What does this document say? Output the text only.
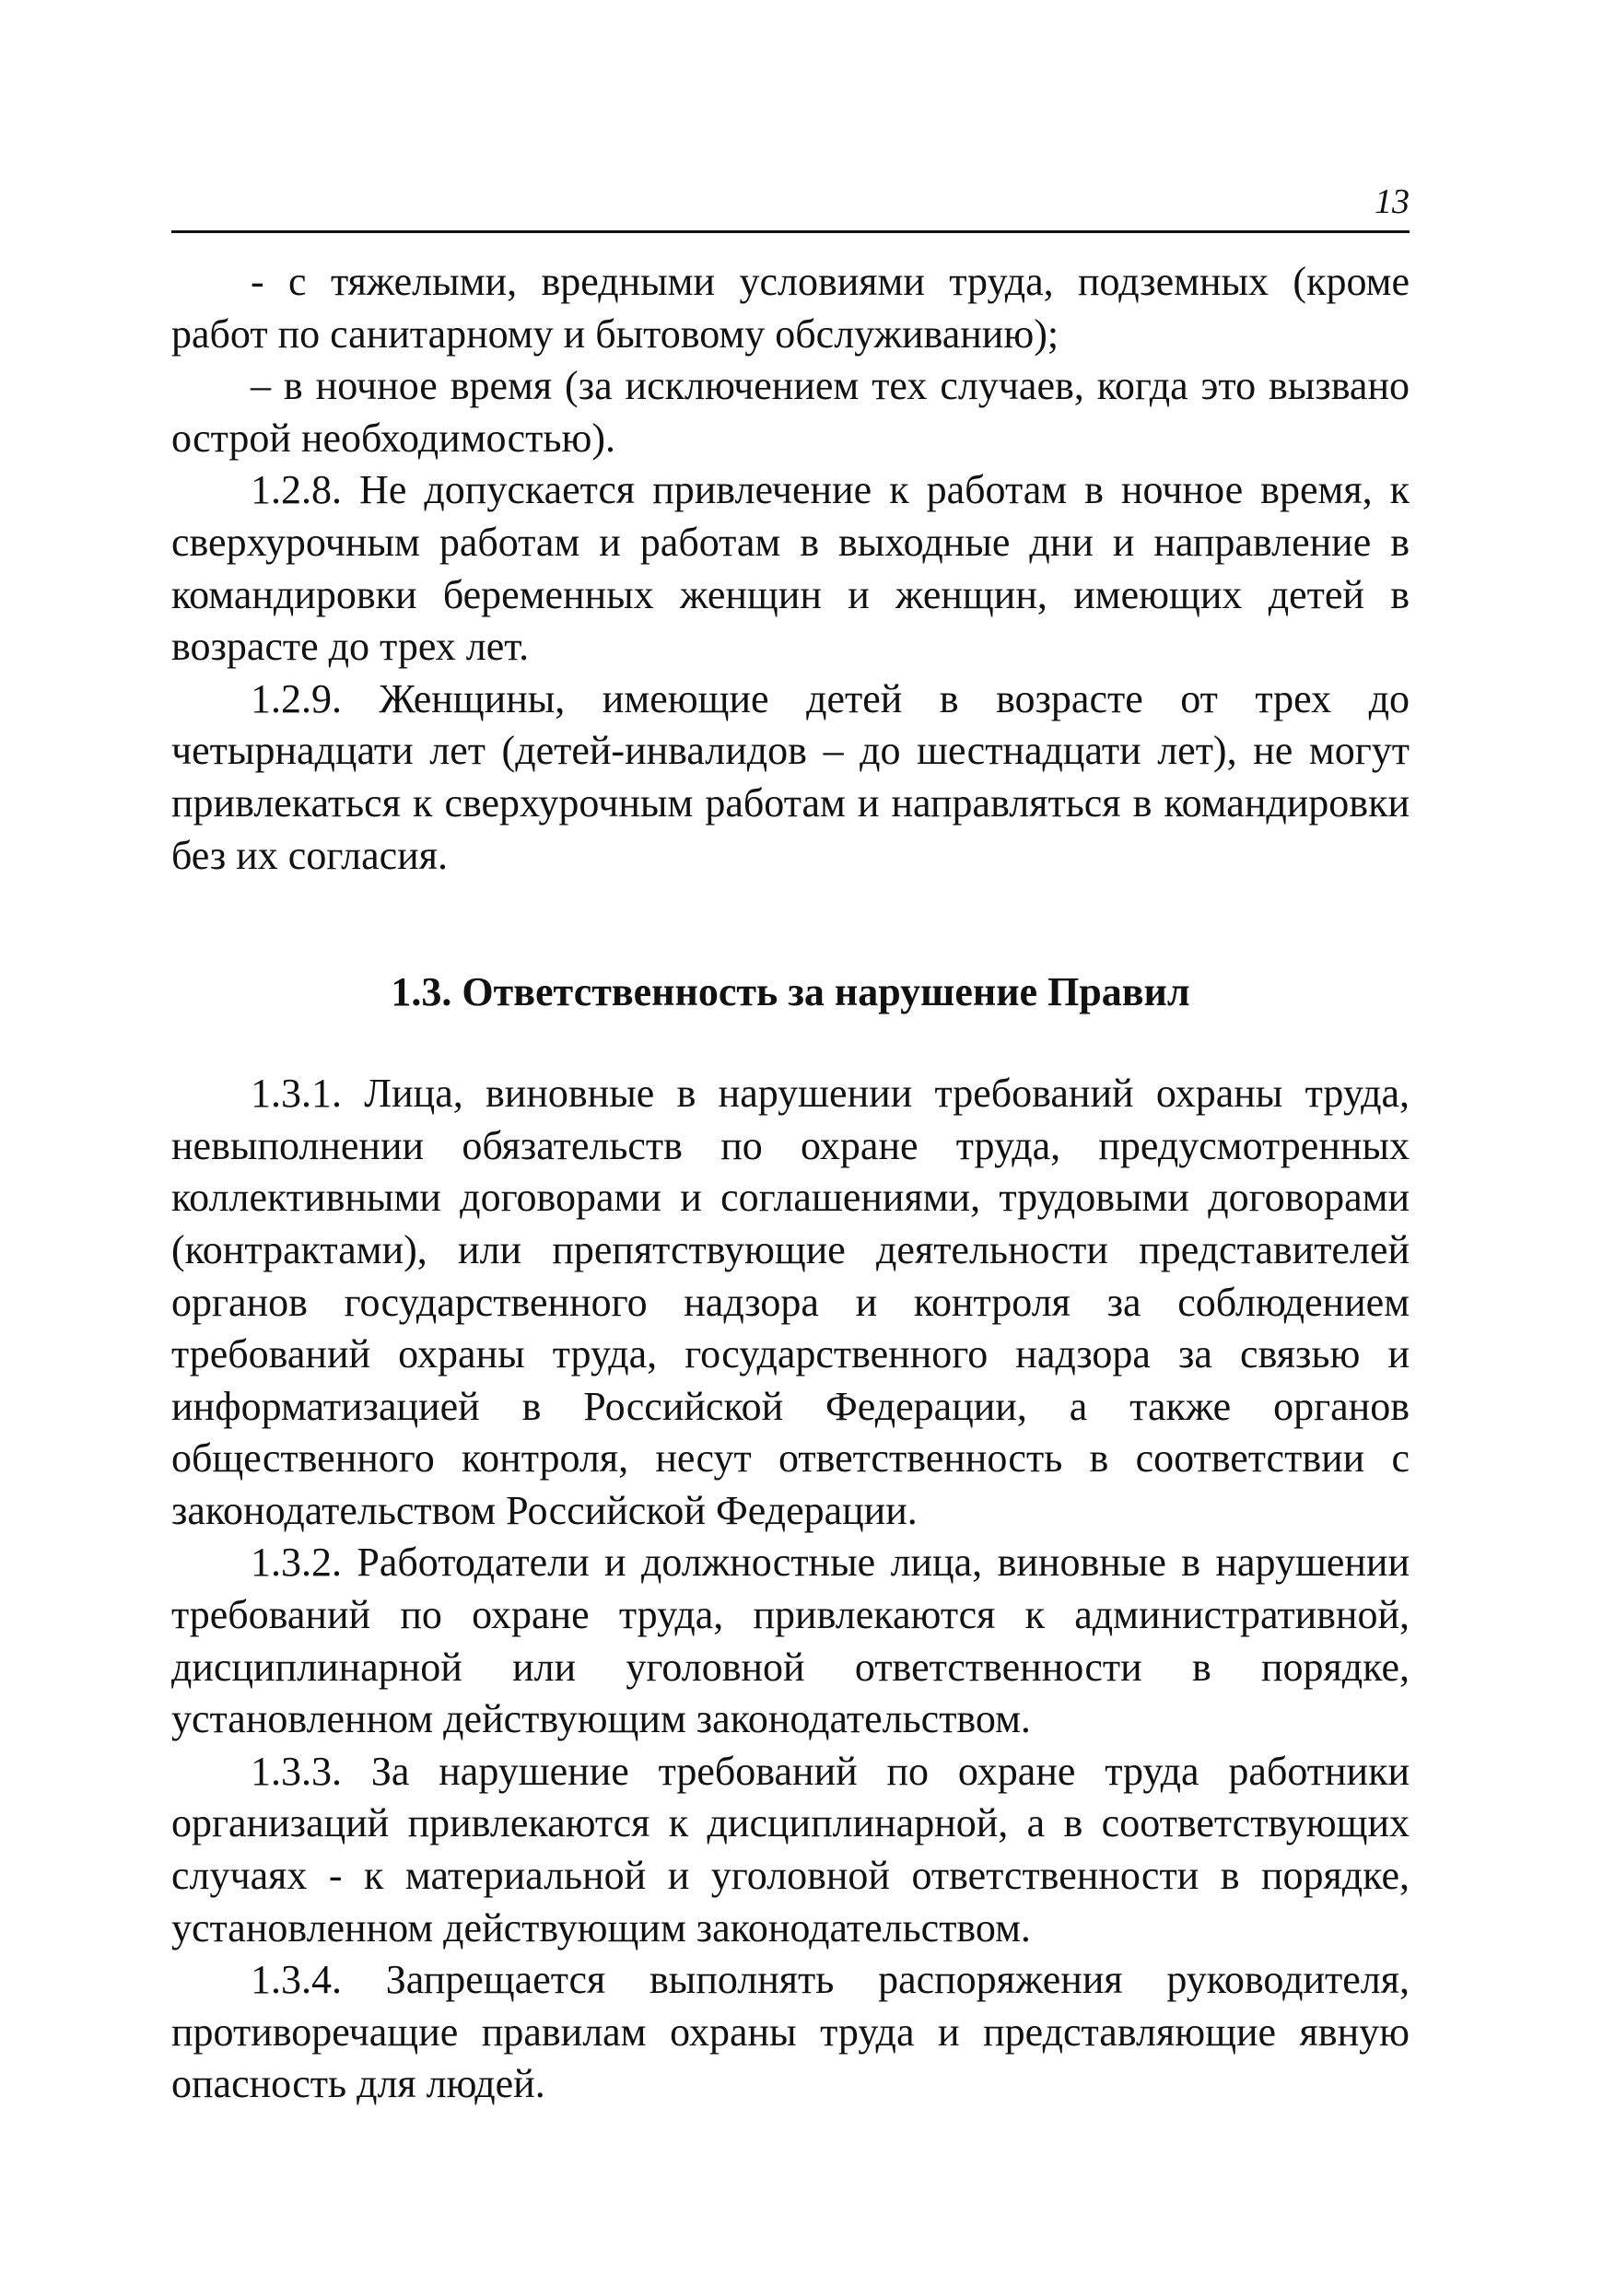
13

- с тяжелыми, вредными условиями труда, подземных (кроме работ по санитарному и бытовому обслуживанию);

– в ночное время (за исключением тех случаев, когда это вызвано острой необходимостью).

1.2.8. Не допускается привлечение к работам в ночное время, к сверхурочным работам и работам в выходные дни и направление в командировки беременных женщин и женщин, имеющих детей в возрасте до трех лет.

1.2.9. Женщины, имеющие детей в возрасте от трех до четырнадцати лет (детей-инвалидов – до шестнадцати лет), не могут привлекаться к сверхурочным работам и направляться в командировки без их согласия.

1.3. Ответственность за нарушение Правил

1.3.1. Лица, виновные в нарушении требований охраны труда, невыполнении обязательств по охране труда, предусмотренных коллективными договорами и соглашениями, трудовыми договорами (контрактами), или препятствующие деятельности представителей органов государственного надзора и контроля за соблюдением требований охраны труда, государственного надзора за связью и информатизацией в Российской Федерации, а также органов общественного контроля, несут ответственность в соответствии с законодательством Российской Федерации.

1.3.2. Работодатели и должностные лица, виновные в нарушении требований по охране труда, привлекаются к административной, дисциплинарной или уголовной ответственности в порядке, установленном действующим законодательством.

1.3.3. За нарушение требований по охране труда работники организаций привлекаются к дисциплинарной, а в соответствующих случаях - к материальной и уголовной ответственности в порядке, установленном действующим законодательством.

1.3.4. Запрещается выполнять распоряжения руководителя, противоречащие правилам охраны труда и представляющие явную опасность для людей.
